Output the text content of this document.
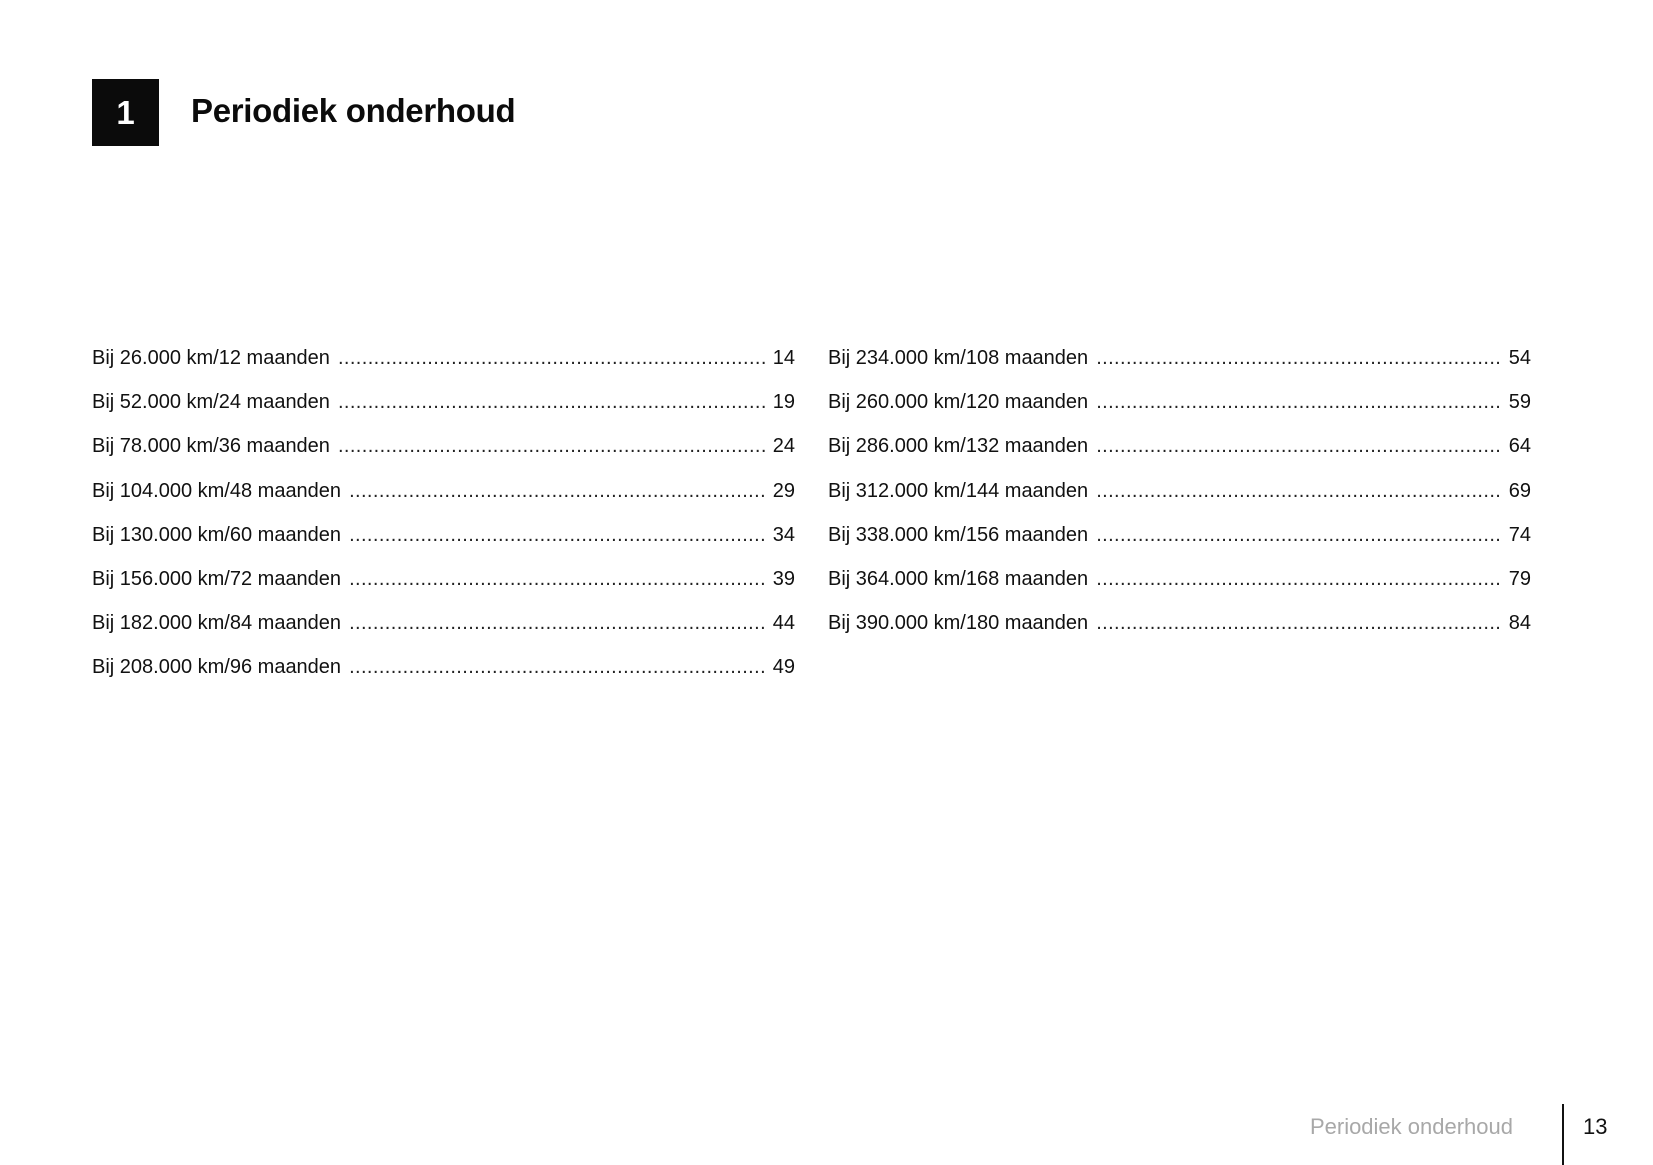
1 Periodiek onderhoud
Bij 26.000 km/12 maanden .....	14
Bij 52.000 km/24 maanden .....	19
Bij 78.000 km/36 maanden .....	24
Bij 104.000 km/48 maanden .....	29
Bij 130.000 km/60 maanden .....	34
Bij 156.000 km/72 maanden .....	39
Bij 182.000 km/84 maanden .....	44
Bij 208.000 km/96 maanden .....	49
Bij 234.000 km/108 maanden .....	54
Bij 260.000 km/120 maanden .....	59
Bij 286.000 km/132 maanden .....	64
Bij 312.000 km/144 maanden .....	69
Bij 338.000 km/156 maanden .....	74
Bij 364.000 km/168 maanden .....	79
Bij 390.000 km/180 maanden .....	84
Periodiek onderhoud	13
